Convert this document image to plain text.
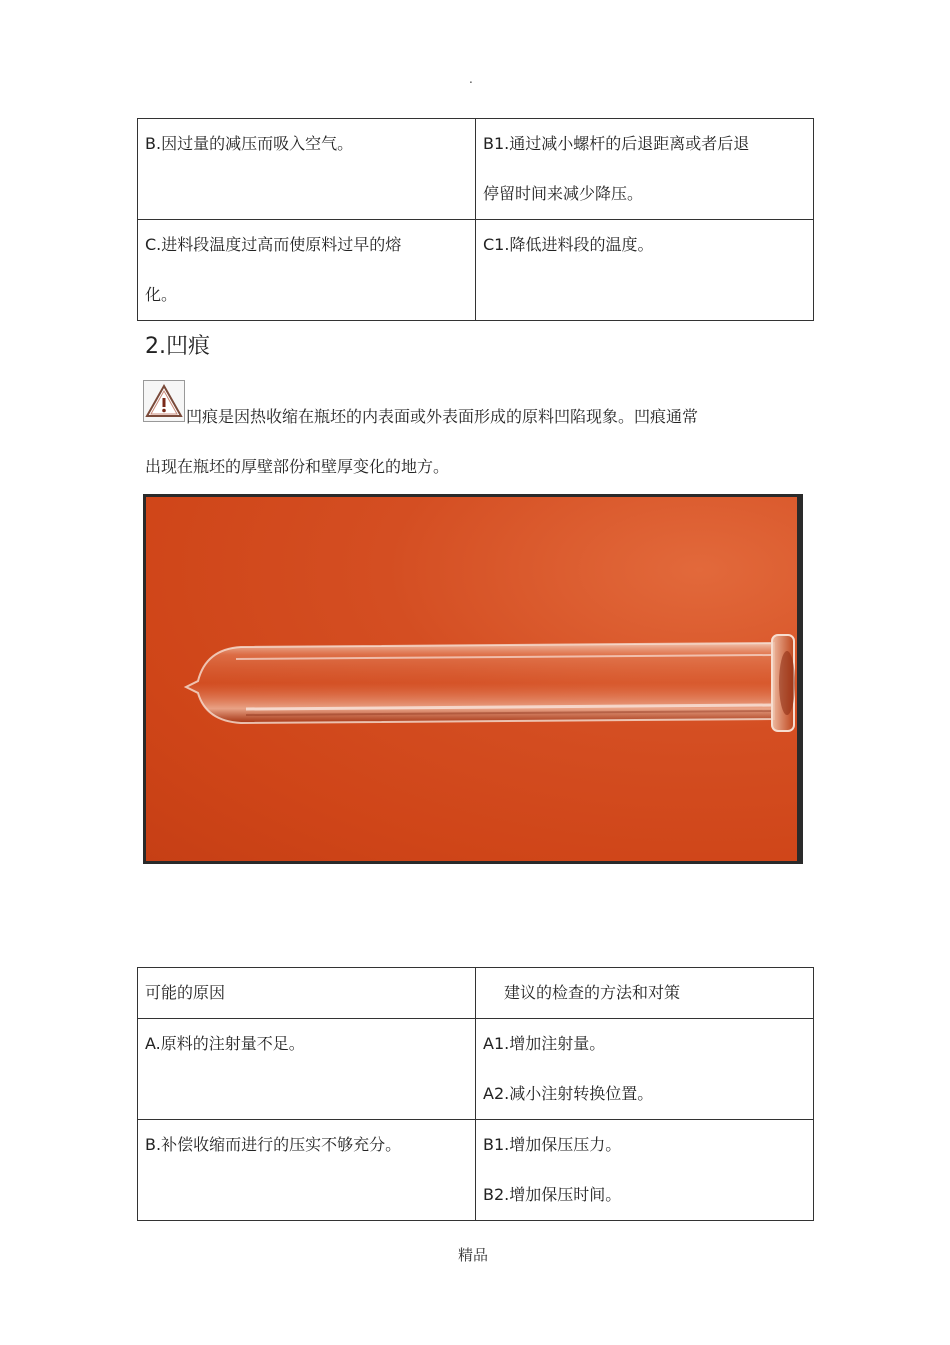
.
B.因过量的减压而吸入空气。	B1.通过减小螺杆的后退距离或者后退
停留时间来减少降压。

C.进料段温度过高而使原料过早的熔
化。	C1.降低进料段的温度。
2.凹痕
凹痕是因热收缩在瓶坯的内表面或外表面形成的原料凹陷现象。凹痕通常
出现在瓶坯的厚壁部份和壁厚变化的地方。
可能的原因	建议的检查的方法和对策

A.原料的注射量不足。	A1.增加注射量。
A2.减小注射转换位置。

B.补偿收缩而进行的压实不够充分。	B1.增加保压压力。
B2.增加保压时间。
精品
